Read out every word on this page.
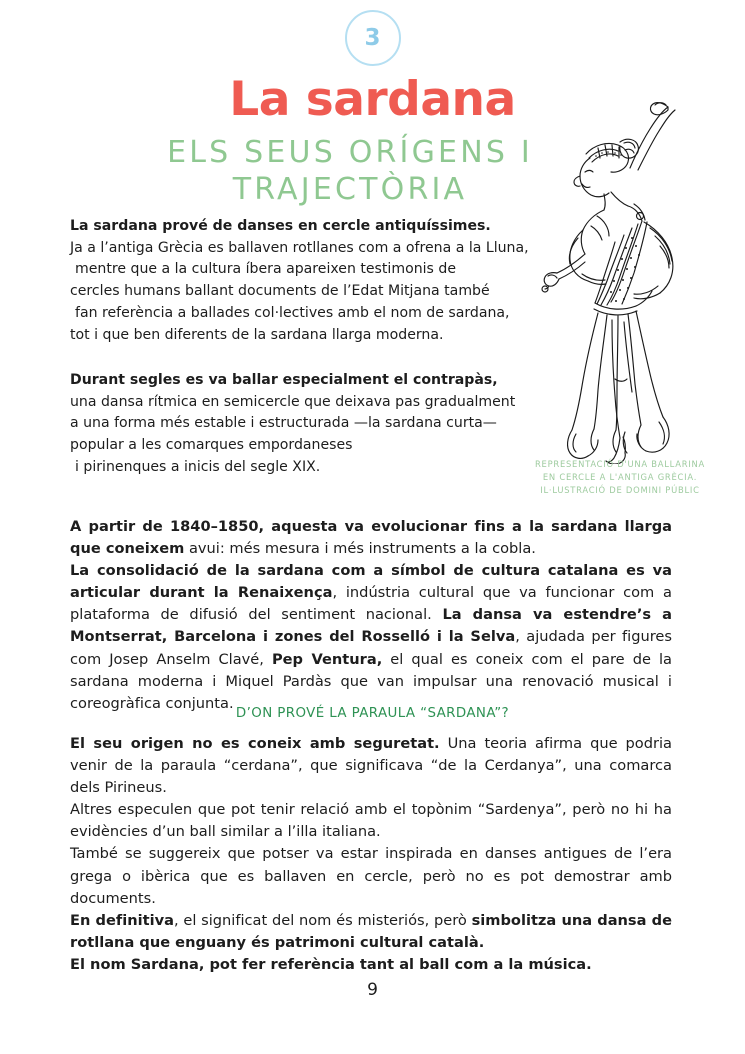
3
La sardana
ELS SEUS ORÍGENS I
TRAJECTÒRIA
REPRESENTACIÓ D'UNA BALLARINA
EN CERCLE A L'ANTIGA GRÈCIA.
IL·LUSTRACIÓ DE DOMINI PÚBLIC
La sardana prové de danses en cercle antiquíssimes.
Ja a l’antiga Grècia es ballaven rotllanes com a ofrena a la Lluna,
mentre que a la cultura íbera apareixen testimonis de
cercles humans ballant documents de l’Edat Mitjana també
fan referència a ballades col·lectives amb el nom de sardana,
tot i que ben diferents de la sardana llarga moderna.
Durant segles es va ballar especialment el contrapàs,
una dansa rítmica en semicercle que deixava pas gradualment
a una forma més estable i estructurada —la sardana curta—
popular a les comarques empordaneses
i pirinenques a inicis del segle XIX.

A partir de 1840–1850, aquesta va evolucionar fins a la sardana llarga que coneixem avui: més mesura i més instruments a la cobla.

La consolidació de la sardana com a símbol de cultura catalana es va articular durant la Renaixença, indústria cultural que va funcionar com a plataforma de difusió del sentiment nacional. La dansa va estendre’s a Montserrat, Barcelona i zones del Rosselló i la Selva, ajudada per figures com Josep Anselm Clavé, Pep Ventura, el qual es coneix com el pare de la sardana moderna i Miquel Pardàs que van impulsar una renovació musical i coreogràfica conjunta.

D’ON PROVÉ LA PARAULA “SARDANA”?

El seu origen no es coneix amb seguretat. Una teoria afirma que podria venir de la paraula “cerdana”, que significava “de la Cerdanya”, una comarca dels Pirineus.

Altres especulen que pot tenir relació amb el topònim “Sardenya”, però no hi ha evidències d’un ball similar a l’illa italiana.

També se suggereix que potser va estar inspirada en danses antigues de l’era grega o ibèrica que es ballaven en cercle, però no es pot demostrar amb documents.

En definitiva, el significat del nom és misteriós, però simbolitza una dansa de rotllana que enguany és patrimoni cultural català.

El nom Sardana, pot fer referència tant al ball com a la música.

9
